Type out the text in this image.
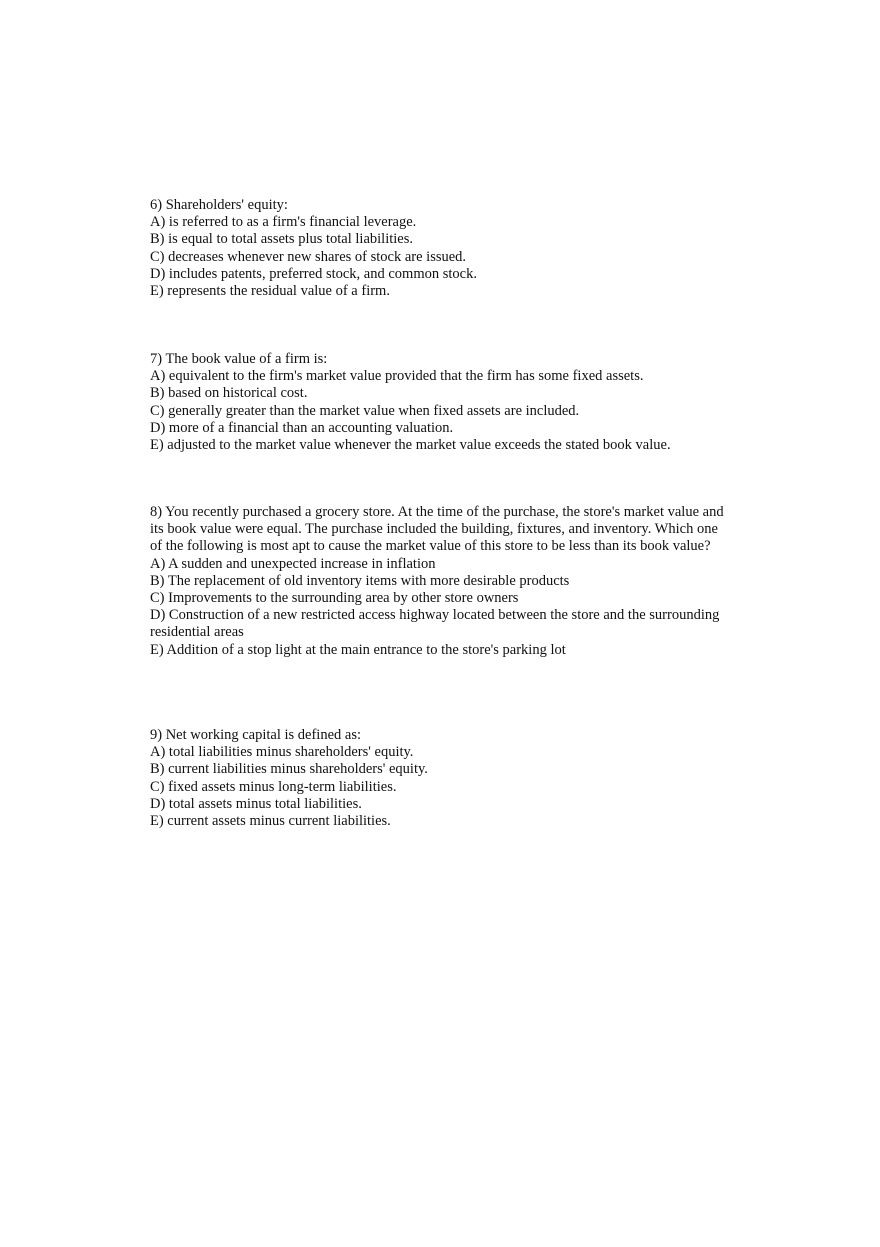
6) Shareholders' equity:

A) is referred to as a firm's financial leverage.

B) is equal to total assets plus total liabilities.

C) decreases whenever new shares of stock are issued.

D) includes patents, preferred stock, and common stock.

E) represents the residual value of a firm.

7) The book value of a firm is:

A) equivalent to the firm's market value provided that the firm has some fixed assets.

B) based on historical cost.

C) generally greater than the market value when fixed assets are included.

D) more of a financial than an accounting valuation.

E) adjusted to the market value whenever the market value exceeds the stated book value.

8) You recently purchased a grocery store. At the time of the purchase, the store's market value and its book value were equal. The purchase included the building, fixtures, and inventory. Which one of the following is most apt to cause the market value of this store to be less than its book value?

A) A sudden and unexpected increase in inflation

B) The replacement of old inventory items with more desirable products

C) Improvements to the surrounding area by other store owners

D) Construction of a new restricted access highway located between the store and the surrounding residential areas

E) Addition of a stop light at the main entrance to the store's parking lot

9) Net working capital is defined as:

A) total liabilities minus shareholders' equity.

B) current liabilities minus shareholders' equity.

C) fixed assets minus long-term liabilities.

D) total assets minus total liabilities.

E) current assets minus current liabilities.
